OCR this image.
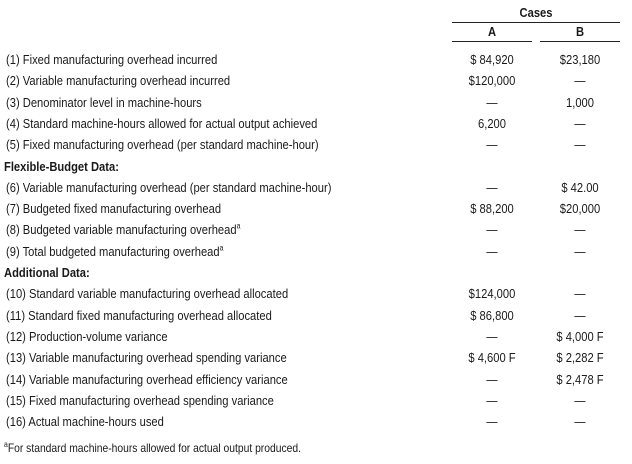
Cases
A	B
(1) Fixed manufacturing overhead incurred	$ 84,920	$23,180
(2) Variable manufacturing overhead incurred	$120,000	—
(3) Denominator level in machine-hours	—	1,000
(4) Standard machine-hours allowed for actual output achieved	6,200	—
(5) Fixed manufacturing overhead (per standard machine-hour)	—	—
Flexible-Budget Data:
(6) Variable manufacturing overhead (per standard machine-hour)	—	$ 42.00
(7) Budgeted fixed manufacturing overhead	$ 88,200	$20,000
(8) Budgeted variable manufacturing overhead$^a$	—	—
(9) Total budgeted manufacturing overhead$^a$	—	—
Additional Data:
(10) Standard variable manufacturing overhead allocated	$124,000	—
(11) Standard fixed manufacturing overhead allocated	$ 86,800	—
(12) Production-volume variance	—	$ 4,000 F
(13) Variable manufacturing overhead spending variance	$ 4,600 F	$ 2,282 F
(14) Variable manufacturing overhead efficiency variance	—	$ 2,478 F
(15) Fixed manufacturing overhead spending variance	—	—
(16) Actual machine-hours used	—	—
$^a$For standard machine-hours allowed for actual output produced.
